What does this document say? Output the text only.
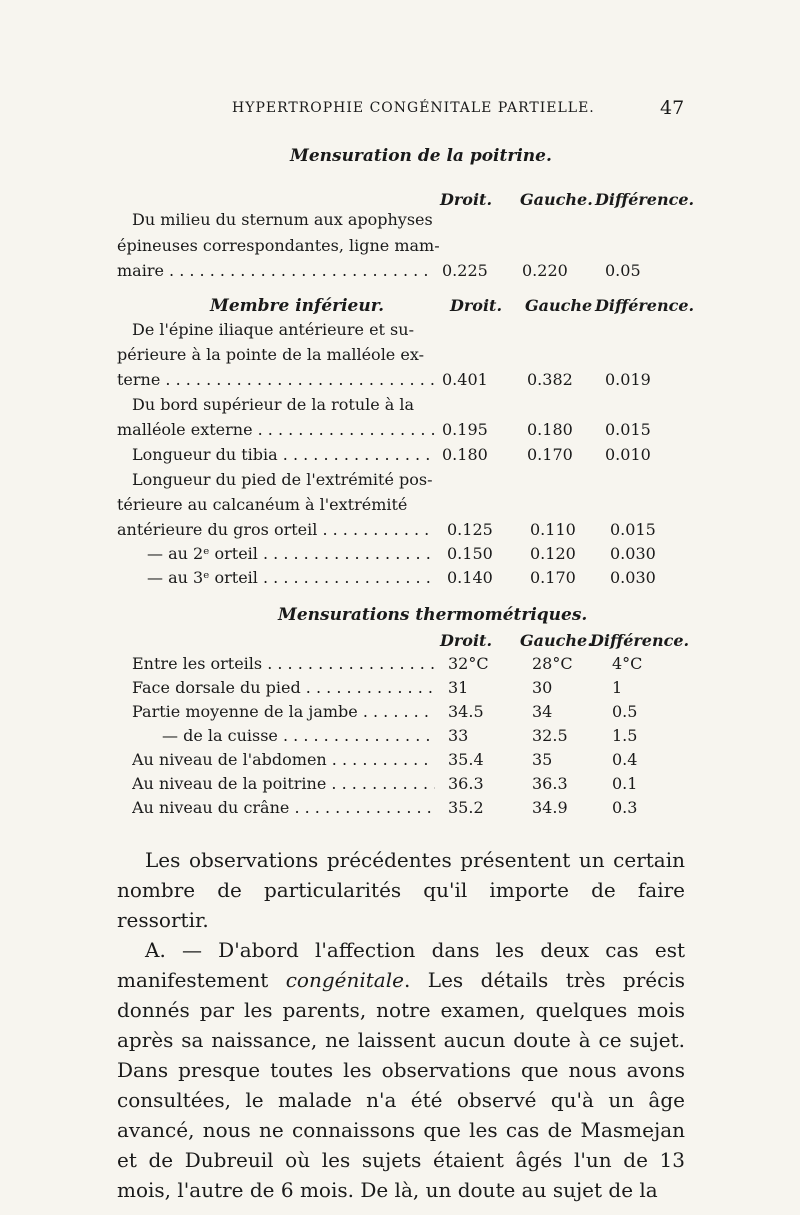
HYPERTROPHIE CONGÉNITALE PARTIELLE.	47
Mensuration de la poitrine.
Droit. Gauche. Différence.
Du milieu du sternum aux apophyses
épineuses correspondantes, ligne mam-
maire . . .	0.225 0.220 0.05
Membre inférieur.	Droit. Gauche Différence.
De l'épine iliaque antérieure et su-
périeure à la pointe de la malléole ex-
terne . . .	0.401 0.382 0.019
Du bord supérieur de la rotule à la
malléole externe . . .	0.195 0.180 0.015
Longueur du tibia . . .	0.180 0.170 0.010
Longueur du pied de l'extrémité pos-
térieure au calcanéum à l'extrémité
antérieure du gros orteil . . .	0.125 0.110 0.015
— au 2ᵉ orteil . . .	0.150 0.120 0.030
— au 3ᵉ orteil . . .	0.140 0.170 0.030
Mensurations thermométriques.
Droit. Gauche.
Différence.
Entre les orteils . . .	32°C	28°C 4°C
Face dorsale du pied . . .	31	30	1
Partie moyenne de la jambe . . .	34.5	34	0.5
— de la cuisse . . .	33	32.5	1.5
Au niveau de l'abdomen . . .	35.4	35	0.4
Au niveau de la poitrine . . .	36.3	36.3	0.1
Au niveau du crâne . . .	35.2	34.9	0.3

Les observations précédentes présentent un certain nombre de particularités qu'il importe de faire ressortir.

A. — D'abord l'affection dans les deux cas est manifestement congénitale. Les détails très précis donnés par les parents, notre examen, quelques mois après sa naissance, ne laissent aucun doute à ce sujet. Dans presque toutes les observations que nous avons consultées, le malade n'a été observé qu'à un âge avancé, nous ne connaissons que les cas de Masmejan et de Dubreuil où les sujets étaient âgés l'un de 13 mois, l'autre de 6 mois. De là, un doute au sujet de la
